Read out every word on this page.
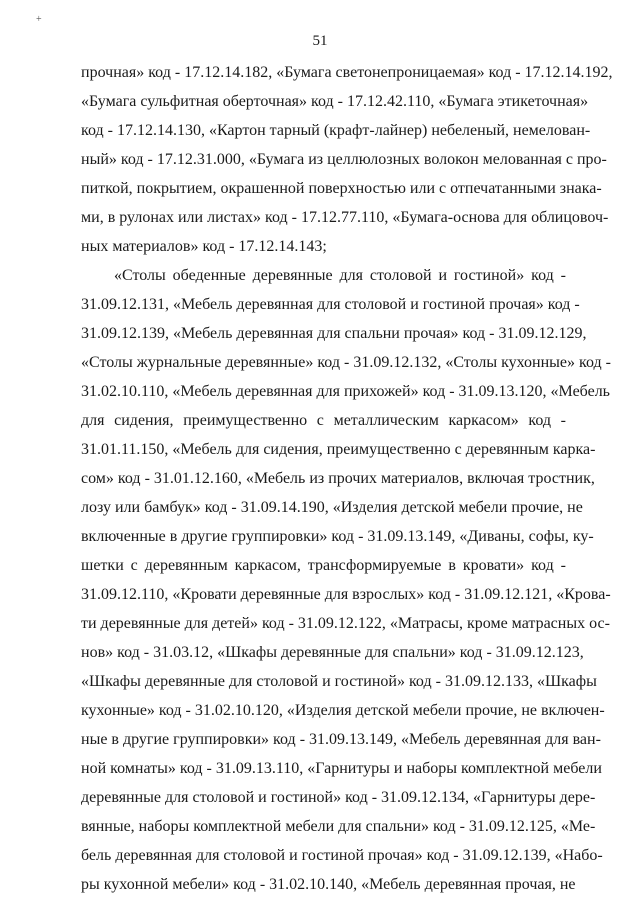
+
51
прочная» код - 17.12.14.182, «Бумага светонепроницаемая» код - 17.12.14.192,
«Бумага сульфитная оберточная» код - 17.12.42.110, «Бумага этикеточная»
код - 17.12.14.130, «Картон тарный (крафт-лайнер) небеленый, немелован-
ный» код - 17.12.31.000, «Бумага из целлюлозных волокон мелованная с про-
питкой, покрытием, окрашенной поверхностью или с отпечатанными знака-
ми, в рулонах или листах» код - 17.12.77.110, «Бумага-основа для облицовоч-
ных материалов» код - 17.12.14.143;
«Столы обеденные деревянные для столовой и гостиной» код -
31.09.12.131, «Мебель деревянная для столовой и гостиной прочая» код -
31.09.12.139, «Мебель деревянная для спальни прочая» код - 31.09.12.129,
«Столы журнальные деревянные» код - 31.09.12.132, «Столы кухонные» код -
31.02.10.110, «Мебель деревянная для прихожей» код - 31.09.13.120, «Мебель
для сидения, преимущественно с металлическим каркасом» код -
31.01.11.150, «Мебель для сидения, преимущественно с деревянным карка-
сом» код - 31.01.12.160, «Мебель из прочих материалов, включая тростник,
лозу или бамбук» код - 31.09.14.190, «Изделия детской мебели прочие, не
включенные в другие группировки» код - 31.09.13.149, «Диваны, софы, ку-
шетки с деревянным каркасом, трансформируемые в кровати» код -
31.09.12.110, «Кровати деревянные для взрослых» код - 31.09.12.121, «Крова-
ти деревянные для детей» код - 31.09.12.122, «Матрасы, кроме матрасных ос-
нов» код - 31.03.12, «Шкафы деревянные для спальни» код - 31.09.12.123,
«Шкафы деревянные для столовой и гостиной» код - 31.09.12.133, «Шкафы
кухонные» код - 31.02.10.120, «Изделия детской мебели прочие, не включен-
ные в другие группировки» код - 31.09.13.149, «Мебель деревянная для ван-
ной комнаты» код - 31.09.13.110, «Гарнитуры и наборы комплектной мебели
деревянные для столовой и гостиной» код - 31.09.12.134, «Гарнитуры дере-
вянные, наборы комплектной мебели для спальни» код - 31.09.12.125, «Ме-
бель деревянная для столовой и гостиной прочая» код - 31.09.12.139, «Набо-
ры кухонной мебели» код - 31.02.10.140, «Мебель деревянная прочая, не
